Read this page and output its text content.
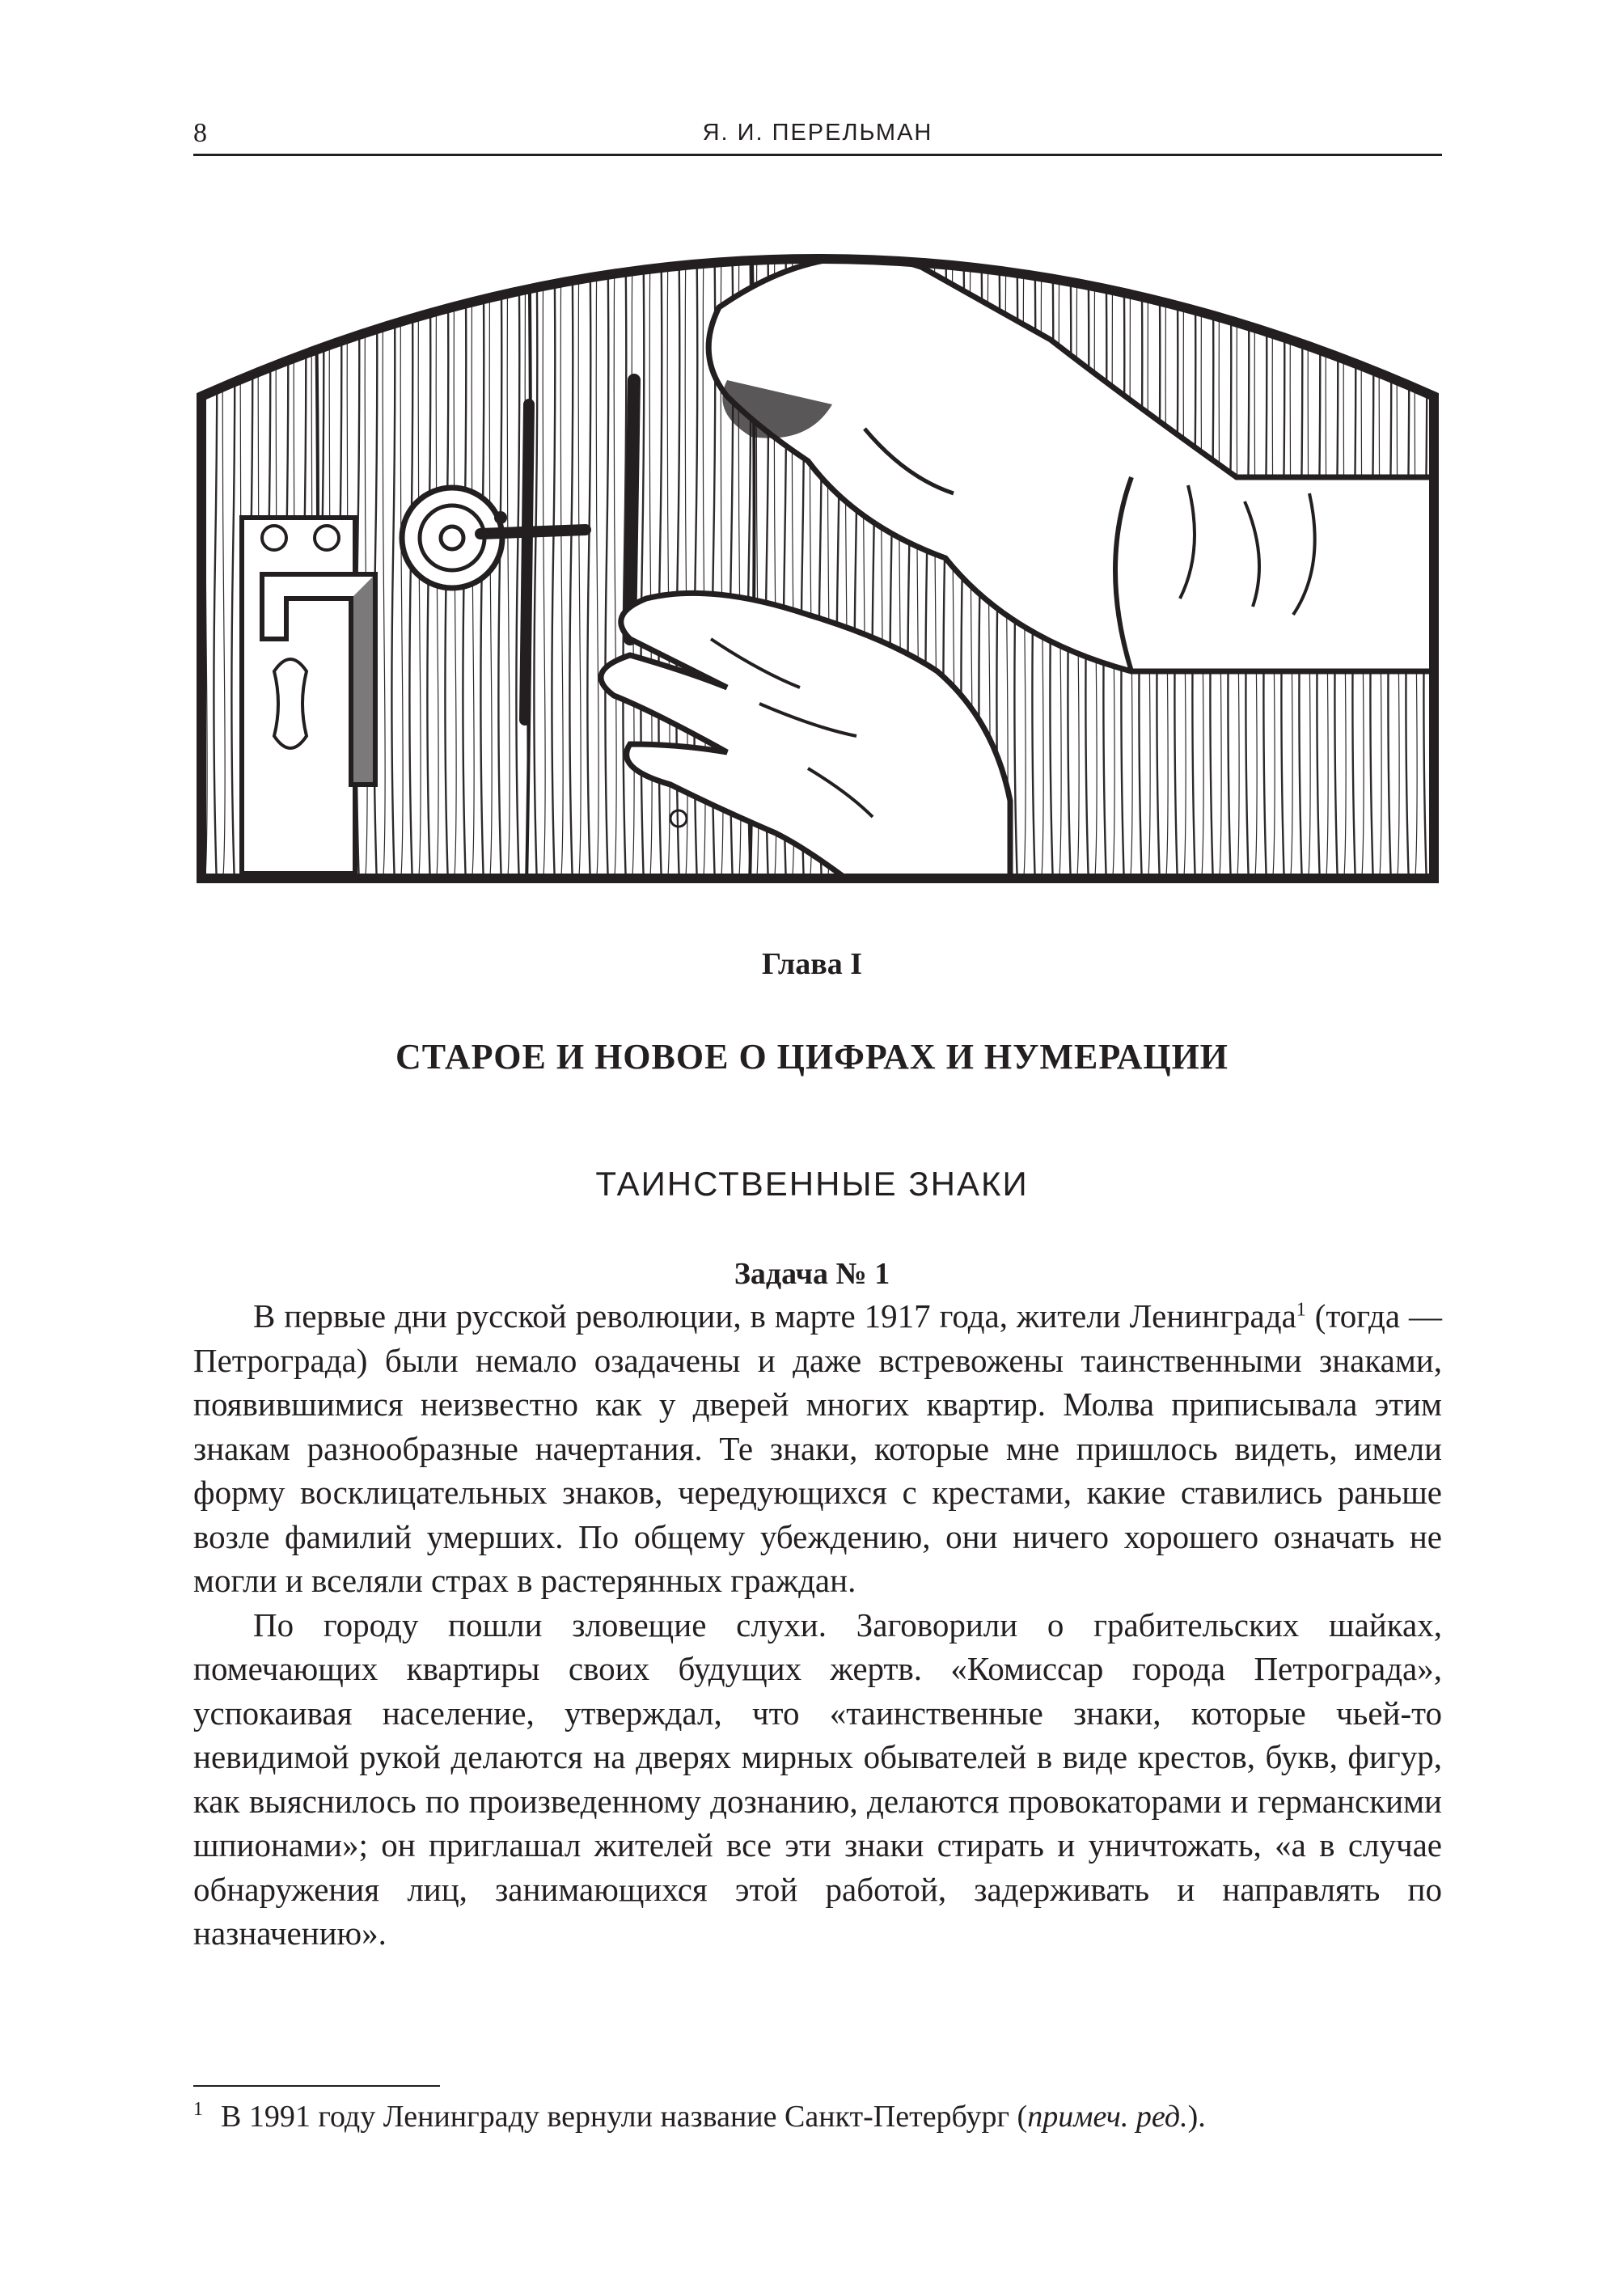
8	Я. И. ПЕРЕЛЬМАН
Глава I
СТАРОЕ И НОВОЕ О ЦИФРАХ И НУМЕРАЦИИ
ТАИНСТВЕННЫЕ ЗНАКИ
Задача № 1

В первые дни русской революции, в марте 1917 года, жители Ленинграда$^1$ (тогда — Петрограда) были немало озадачены и даже встревожены таинственными знаками, появившимися неизвестно как у дверей многих квартир. Молва приписывала этим знакам разнообразные начертания. Те знаки, которые мне пришлось видеть, имели форму восклицательных знаков, чередующихся с крестами, какие ставились раньше возле фамилий умерших. По общему убеждению, они ничего хорошего означать не могли и вселяли страх в растерянных граждан.

По городу пошли зловещие слухи. Заговорили о грабительских шайках, помечающих квартиры своих будущих жертв. «Комиссар города Петрограда», успокаивая население, утверждал, что «таинственные знаки, которые чьей-то невидимой рукой делаются на дверях мирных обывателей в виде крестов, букв, фигур, как выяснилось по произведенному дознанию, делаются провокаторами и германскими шпионами»; он приглашал жителей все эти знаки стирать и уничтожать, «а в случае обнаружения лиц, занимающихся этой работой, задерживать и направлять по назначению».

$^1$ В 1991 году Ленинграду вернули название Санкт-Петербург (примеч. ред.).
